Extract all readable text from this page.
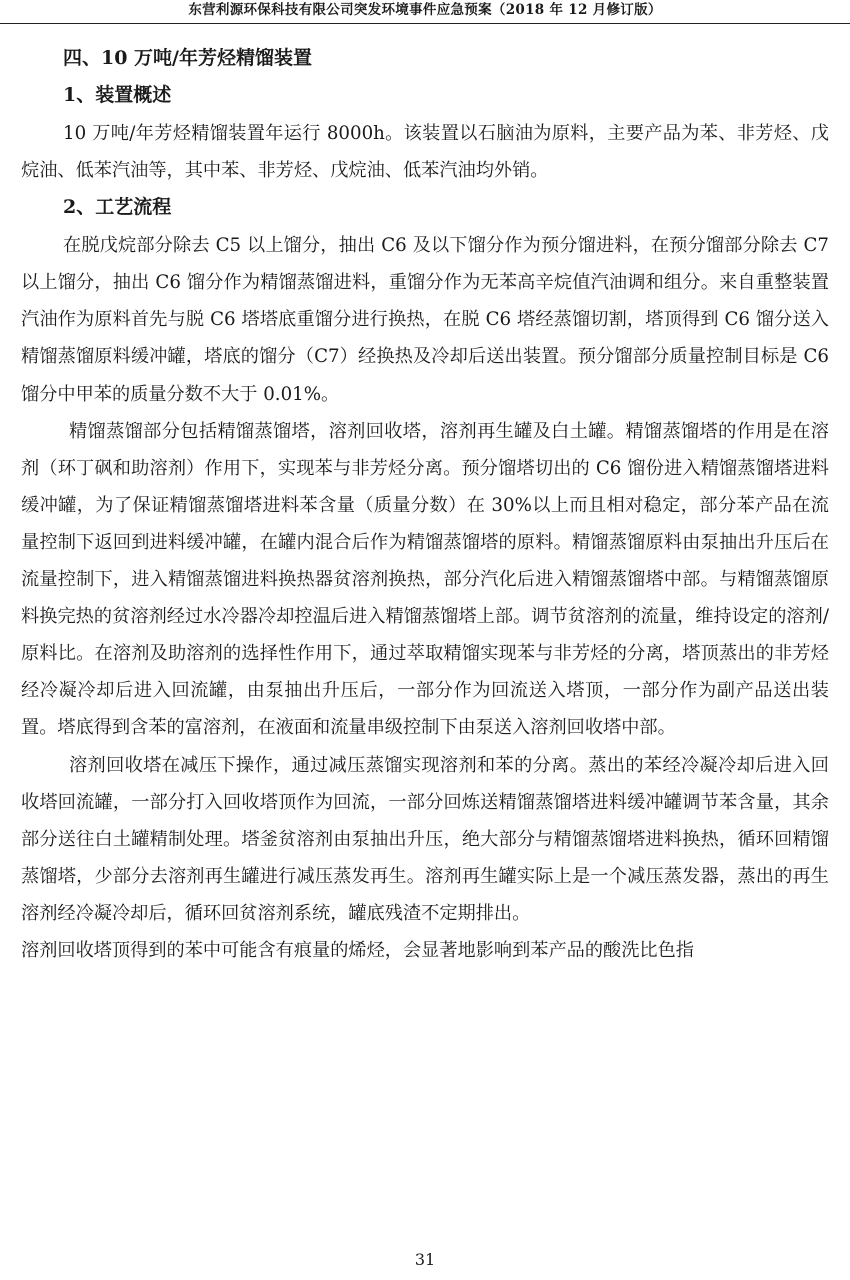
东营利源环保科技有限公司突发环境事件应急预案（2018 年 12 月修订版）
四、10 万吨/年芳烃精馏装置
1、装置概述

10 万吨/年芳烃精馏装置年运行 8000h。该装置以石脑油为原料，主要产品为苯、非芳烃、戊烷油、低苯汽油等，其中苯、非芳烃、戊烷油、低苯汽油均外销。

2、工艺流程

在脱戊烷部分除去 C5 以上馏分，抽出 C6 及以下馏分作为预分馏进料，在预分馏部分除去 C7 以上馏分，抽出 C6 馏分作为精馏蒸馏进料，重馏分作为无苯高辛烷值汽油调和组分。来自重整装置汽油作为原料首先与脱 C6 塔塔底重馏分进行换热，在脱 C6 塔经蒸馏切割，塔顶得到 C6 馏分送入精馏蒸馏原料缓冲罐，塔底的馏分（C7）经换热及冷却后送出装置。预分馏部分质量控制目标是 C6 馏分中甲苯的质量分数不大于 0.01%。

精馏蒸馏部分包括精馏蒸馏塔，溶剂回收塔，溶剂再生罐及白土罐。精馏蒸馏塔的作用是在溶剂（环丁砜和助溶剂）作用下，实现苯与非芳烃分离。预分馏塔切出的 C6 馏份进入精馏蒸馏塔进料缓冲罐，为了保证精馏蒸馏塔进料苯含量（质量分数）在 30%以上而且相对稳定，部分苯产品在流量控制下返回到进料缓冲罐，在罐内混合后作为精馏蒸馏塔的原料。精馏蒸馏原料由泵抽出升压后在流量控制下，进入精馏蒸馏进料换热器贫溶剂换热，部分汽化后进入精馏蒸馏塔中部。与精馏蒸馏原料换完热的贫溶剂经过水冷器冷却控温后进入精馏蒸馏塔上部。调节贫溶剂的流量，维持设定的溶剂/原料比。在溶剂及助溶剂的选择性作用下，通过萃取精馏实现苯与非芳烃的分离，塔顶蒸出的非芳烃经冷凝冷却后进入回流罐，由泵抽出升压后，一部分作为回流送入塔顶，一部分作为副产品送出装置。塔底得到含苯的富溶剂，在液面和流量串级控制下由泵送入溶剂回收塔中部。

溶剂回收塔在减压下操作，通过减压蒸馏实现溶剂和苯的分离。蒸出的苯经冷凝冷却后进入回收塔回流罐，一部分打入回收塔顶作为回流，一部分回炼送精馏蒸馏塔进料缓冲罐调节苯含量，其余部分送往白土罐精制处理。塔釜贫溶剂由泵抽出升压，绝大部分与精馏蒸馏塔进料换热，循环回精馏蒸馏塔，少部分去溶剂再生罐进行减压蒸发再生。溶剂再生罐实际上是一个减压蒸发器，蒸出的再生溶剂经冷凝冷却后，循环回贫溶剂系统，罐底残渣不定期排出。

溶剂回收塔顶得到的苯中可能含有痕量的烯烃，会显著地影响到苯产品的酸洗比色指

31
